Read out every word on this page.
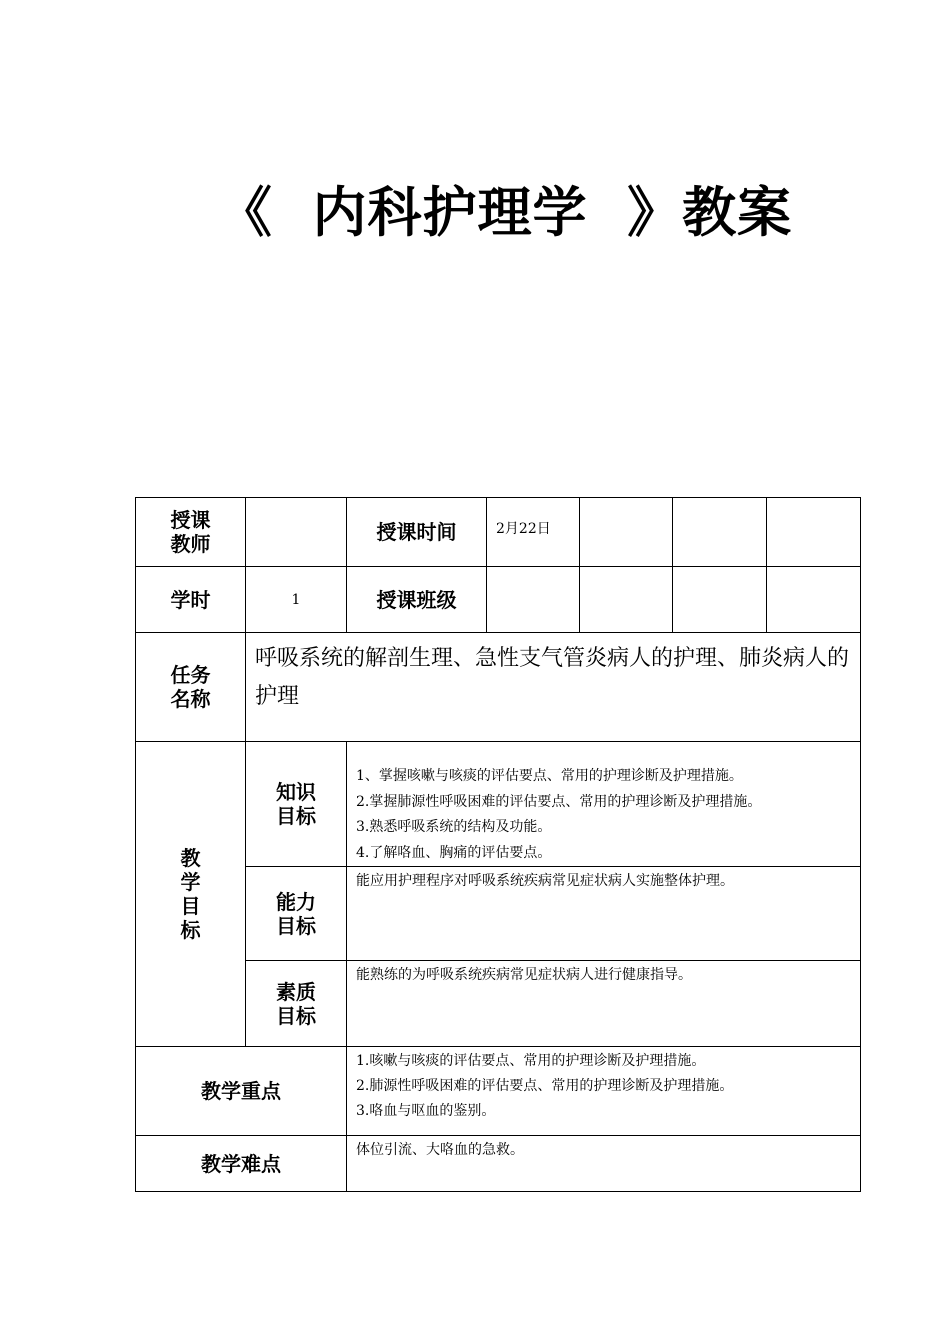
《  内科护理学  》教案
授课
教师		授课时间	2月22日			
学时	1	授课班级				

任务
名称	呼吸系统的解剖生理、急性支气管炎病人的护理、肺炎病人的护理					

教
学
目
标	知识
目标	1、掌握咳嗽与咳痰的评估要点、常用的护理诊断及护理措施。
2.掌握肺源性呼吸困难的评估要点、常用的护理诊断及护理措施。
3.熟悉呼吸系统的结构及功能。
4.了解咯血、胸痛的评估要点。				

	能力
目标	能应用护理程序对呼吸系统疾病常见症状病人实施整体护理。				

	素质
目标	能熟练的为呼吸系统疾病常见症状病人进行健康指导。				
教学重点		1.咳嗽与咳痰的评估要点、常用的护理诊断及护理措施。
2.肺源性呼吸困难的评估要点、常用的护理诊断及护理措施。
3.咯血与呕血的鉴别。				

教学难点		体位引流、大咯血的急救。				
